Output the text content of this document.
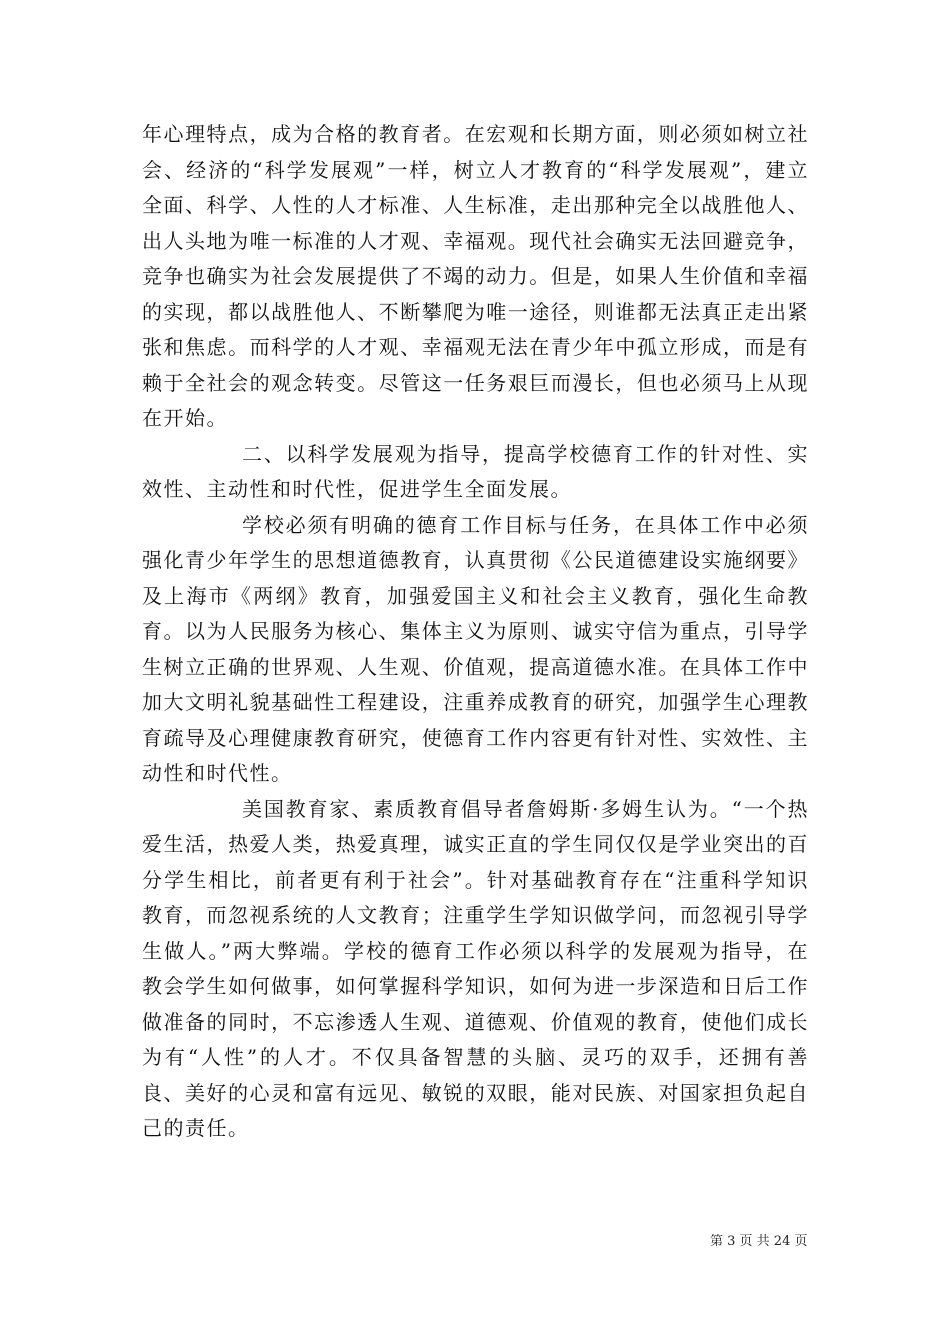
年心理特点，成为合格的教育者。在宏观和长期方面，则必须如树立社会、经济的“科学发展观”一样，树立人才教育的“科学发展观”，建立全面、科学、人性的人才标准、人生标准，走出那种完全以战胜他人、出人头地为唯一标准的人才观、幸福观。现代社会确实无法回避竞争，竞争也确实为社会发展提供了不竭的动力。但是，如果人生价值和幸福的实现，都以战胜他人、不断攀爬为唯一途径，则谁都无法真正走出紧张和焦虑。而科学的人才观、幸福观无法在青少年中孤立形成，而是有赖于全社会的观念转变。尽管这一任务艰巨而漫长，但也必须马上从现在开始。

二、以科学发展观为指导，提高学校德育工作的针对性、实效性、主动性和时代性，促进学生全面发展。

学校必须有明确的德育工作目标与任务，在具体工作中必须强化青少年学生的思想道德教育，认真贯彻《公民道德建设实施纲要》及上海市《两纲》教育，加强爱国主义和社会主义教育，强化生命教育。以为人民服务为核心、集体主义为原则、诚实守信为重点，引导学生树立正确的世界观、人生观、价值观，提高道德水准。在具体工作中加大文明礼貌基础性工程建设，注重养成教育的研究，加强学生心理教育疏导及心理健康教育研究，使德育工作内容更有针对性、实效性、主动性和时代性。

美国教育家、素质教育倡导者詹姆斯·多姆生认为。“一个热爱生活，热爱人类，热爱真理，诚实正直的学生同仅仅是学业突出的百分学生相比，前者更有利于社会”。针对基础教育存在“注重科学知识教育，而忽视系统的人文教育；注重学生学知识做学问，而忽视引导学生做人。”两大弊端。学校的德育工作必须以科学的发展观为指导，在教会学生如何做事，如何掌握科学知识，如何为进一步深造和日后工作做准备的同时，不忘渗透人生观、道德观、价值观的教育，使他们成长为有“人性”的人才。不仅具备智慧的头脑、灵巧的双手，还拥有善良、美好的心灵和富有远见、敏锐的双眼，能对民族、对国家担负起自己的责任。

第 3 页 共 24 页
